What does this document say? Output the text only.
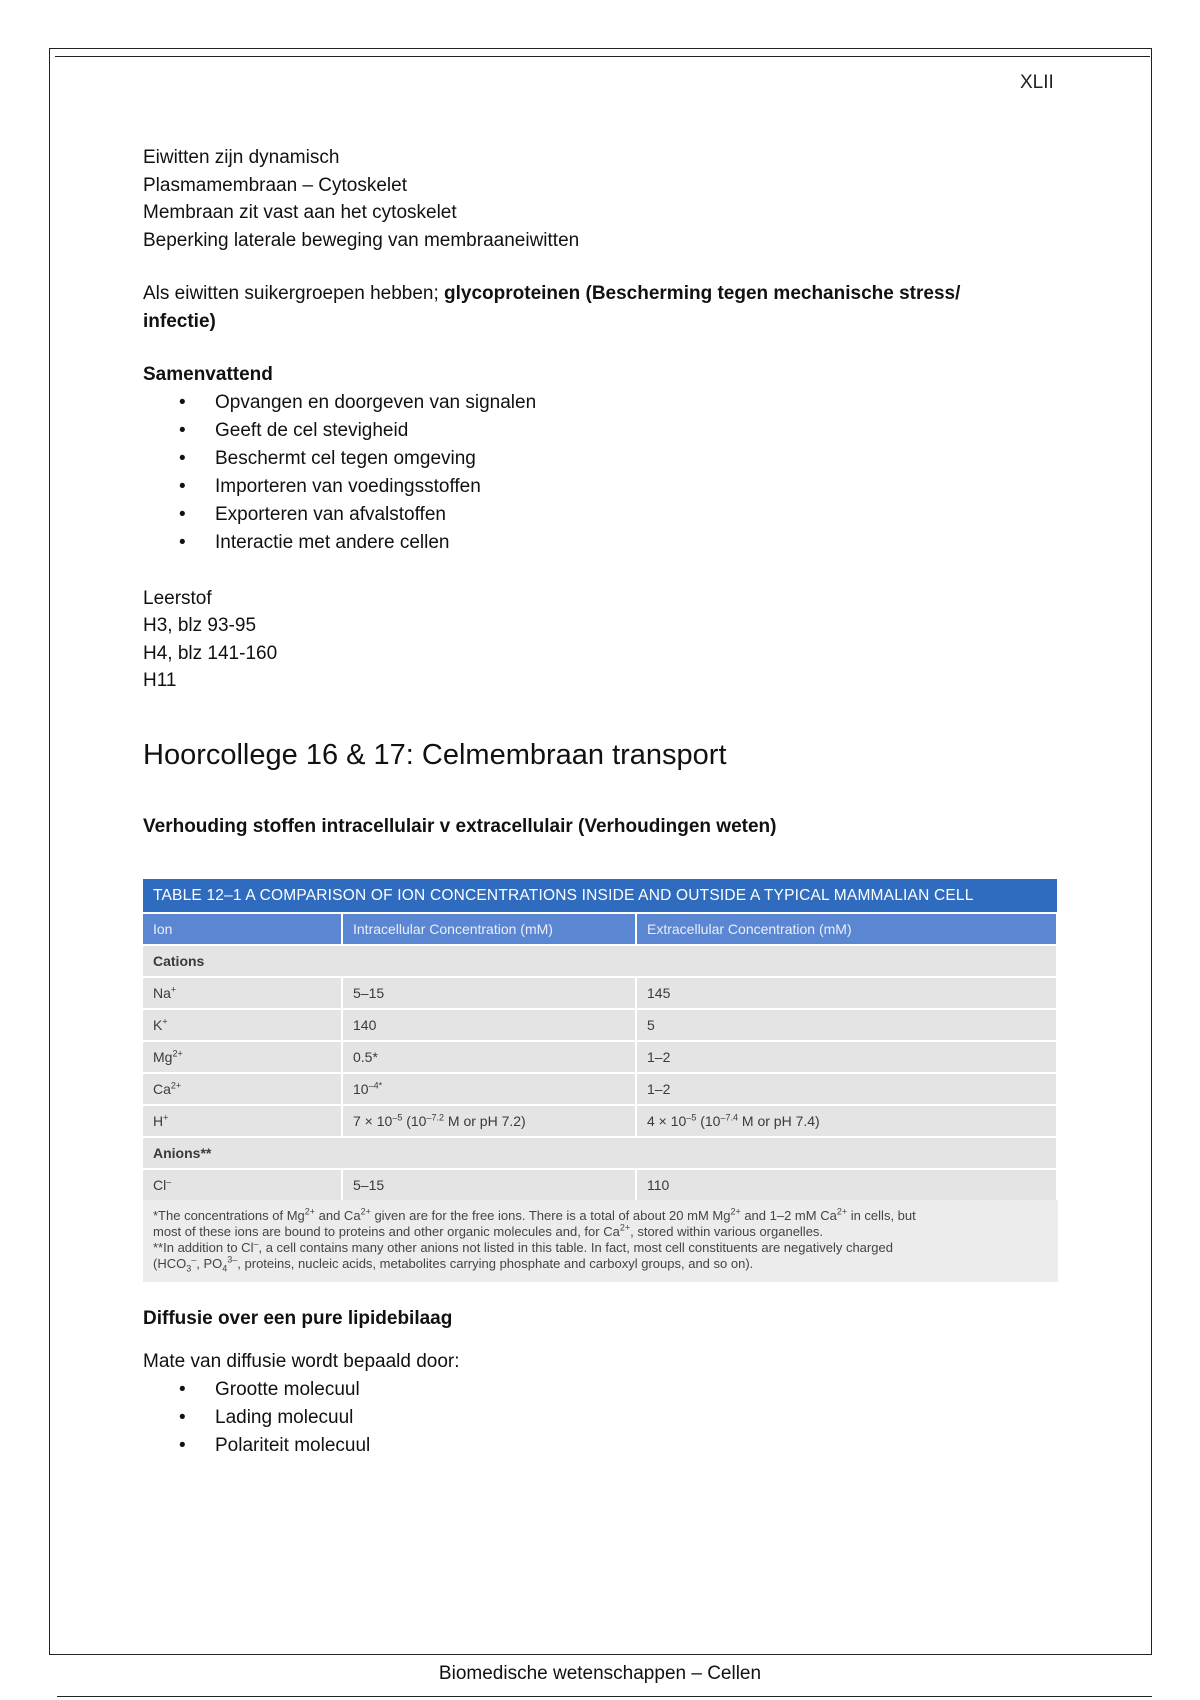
XLII
Eiwitten zijn dynamisch
Plasmamembraan – Cytoskelet
Membraan zit vast aan het cytoskelet
Beperking laterale beweging van membraaneiwitten
Als eiwitten suikergroepen hebben; glycoproteinen (Bescherming tegen mechanische stress/
infectie)
Samenvattend
• Opvangen en doorgeven van signalen
• Geeft de cel stevigheid
• Beschermt cel tegen omgeving
• Importeren van voedingsstoffen
• Exporteren van afvalstoffen
• Interactie met andere cellen
Leerstof
H3, blz 93-95
H4, blz 141-160
H11
Hoorcollege 16 & 17: Celmembraan transport
Verhouding stoffen intracellulair v extracellulair (Verhoudingen weten)
TABLE 12–1 A COMPARISON OF ION CONCENTRATIONS INSIDE AND OUTSIDE A TYPICAL MAMMALIAN CELL		
Ion	Intracellular Concentration (mM)	Extracellular Concentration (mM)
Cations		
Na+	5–15	145
K+	140	5
$Mg^{2+}$	0.5*	1–2
$Ca^{2+}$	$10^{-4*}$	1–2
H+	$7 \times 10^{-5}$ ($10^{-7.2}$ M or pH 7.2)	$4 \times 10^{-5}$ ($10^{-7.4}$ M or pH 7.4)
Anions**		
Cl–	5–15	110
*The concentrations of $Mg^{2+}$ and $Ca^{2+}$ given are for the free ions. There is a total of about 20 mM $Mg^{2+}$ and 1–2 mM $Ca^{2+}$ in cells, but
most of these ions are bound to proteins and other organic molecules and, for $Ca^{2+}$, stored within various organelles.
**In addition to Cl–, a cell contains many other anions not listed in this table. In fact, most cell constituents are negatively charged
($HCO_3^-$, $PO_4^{3-}$, proteins, nucleic acids, metabolites carrying phosphate and carboxyl groups, and so on).
Diffusie over een pure lipidebilaag
Mate van diffusie wordt bepaald door:
• Grootte molecuul
• Lading molecuul
• Polariteit molecuul
Biomedische wetenschappen – Cellen
